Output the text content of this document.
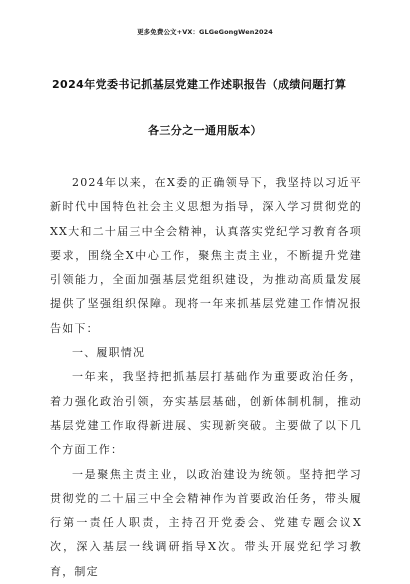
更多免费公文+VX：GLGeGongWen2024
2024年党委书记抓基层党建工作述职报告（成绩问题打算
各三分之一通用版本）

2024年以来，在X委的正确领导下，我坚持以习近平新时代中国特色社会主义思想为指导，深入学习贯彻党的XX大和二十届三中全会精神，认真落实党纪学习教育各项要求，围绕全X中心工作，聚焦主责主业，不断提升党建引领能力，全面加强基层党组织建设，为推动高质量发展提供了坚强组织保障。现将一年来抓基层党建工作情况报告如下：

一、履职情况

一年来，我坚持把抓基层打基础作为重要政治任务，着力强化政治引领，夯实基层基础，创新体制机制，推动基层党建工作取得新进展、实现新突破。主要做了以下几个方面工作：

一是聚焦主责主业，以政治建设为统领。坚持把学习贯彻党的二十届三中全会精神作为首要政治任务，带头履行第一责任人职责，主持召开党委会、党建专题会议X次，深入基层一线调研指导X次。带头开展党纪学习教育，制定
